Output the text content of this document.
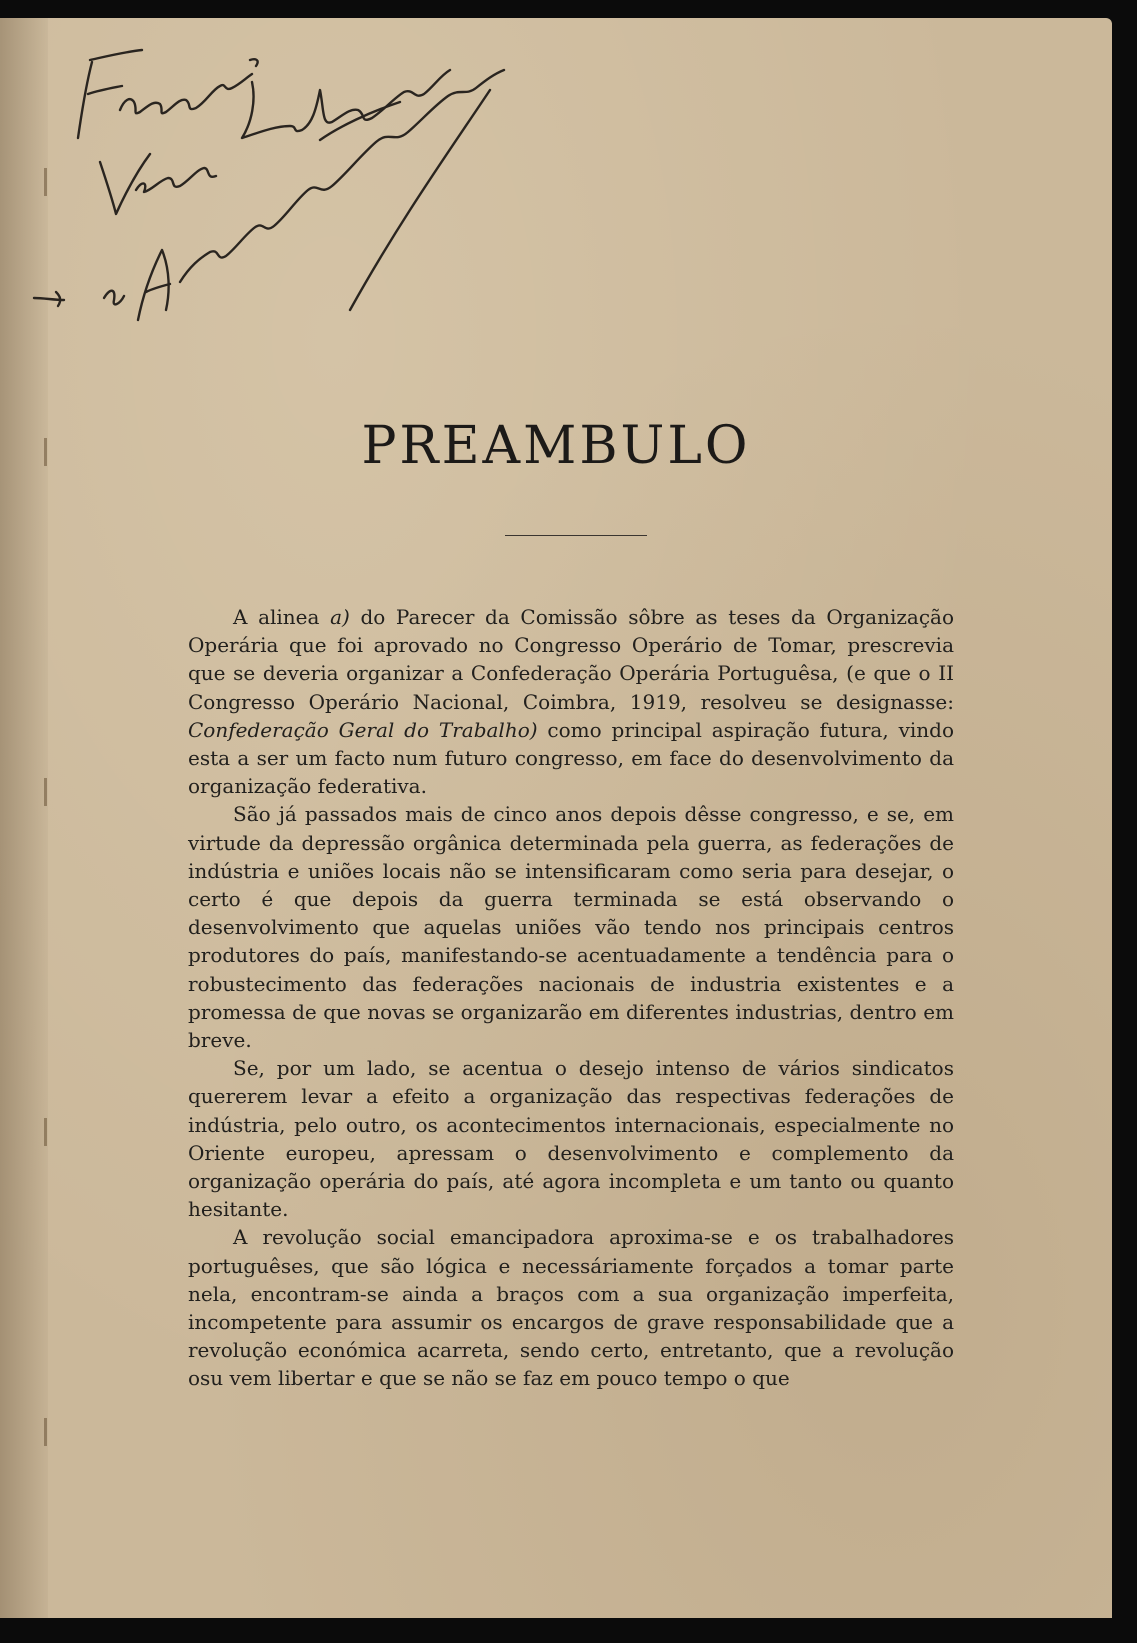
PREAMBULO

A alinea a) do Parecer da Comissão sôbre as teses da Organização Operária que foi aprovado no Congresso Operário de Tomar, prescrevia que se deveria organizar a Confederação Operária Portuguêsa, (e que o II Congresso Operário Nacional, Coimbra, 1919, resolveu se designasse: Confederação Geral do Trabalho) como principal aspiração futura, vindo esta a ser um facto num futuro congresso, em face do desenvolvimento da organização federativa.

São já passados mais de cinco anos depois dêsse congresso, e se, em virtude da depressão orgânica determinada pela guerra, as federações de indústria e uniões locais não se intensificaram como seria para desejar, o certo é que depois da guerra terminada se está observando o desenvolvimento que aquelas uniões vão tendo nos principais centros produtores do país, manifestando-se acentuadamente a tendência para o robustecimento das federações nacionais de industria existentes e a promessa de que novas se organizarão em diferentes industrias, dentro em breve.

Se, por um lado, se acentua o desejo intenso de vários sindicatos quererem levar a efeito a organização das respectivas federações de indústria, pelo outro, os acontecimentos internacionais, especialmente no Oriente europeu, apressam o desenvolvimento e complemento da organização operária do país, até agora incompleta e um tanto ou quanto hesitante.

A revolução social emancipadora aproxima-se e os trabalhadores portuguêses, que são lógica e necessáriamente forçados a tomar parte nela, encontram-se ainda a braços com a sua organização imperfeita, incompetente para assumir os encargos de grave responsabilidade que a revolução económica acarreta, sendo certo, entretanto, que a revolução osu vem libertar e que se não se faz em pouco tempo o que
